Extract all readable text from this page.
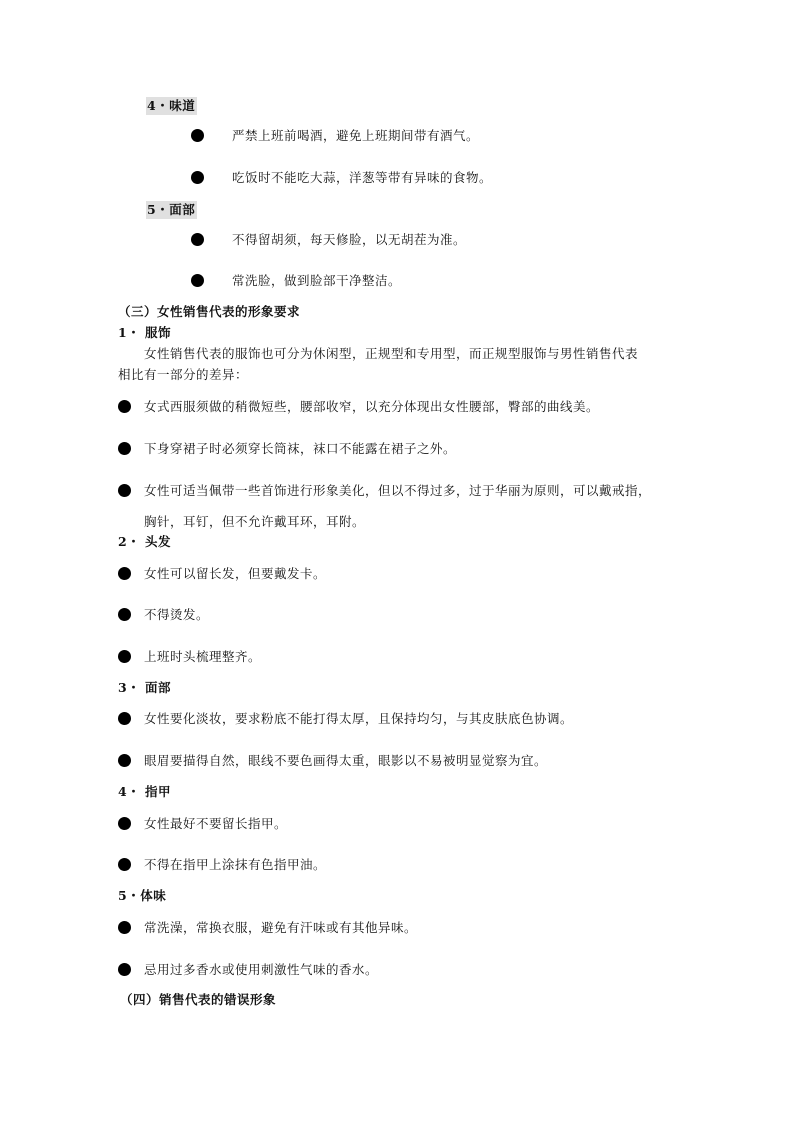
4・味道
严禁上班前喝酒，避免上班期间带有酒气。
吃饭时不能吃大蒜，洋葱等带有异味的食物。
5・面部
不得留胡须，每天修脸，以无胡茬为准。
常洗脸，做到脸部干净整洁。
（三）女性销售代表的形象要求
1・ 服饰
女性销售代表的服饰也可分为休闲型，正规型和专用型，而正规型服饰与男性销售代表
相比有一部分的差异：
女式西服须做的稍微短些，腰部收窄，以充分体现出女性腰部，臀部的曲线美。
下身穿裙子时必须穿长筒袜，袜口不能露在裙子之外。
女性可适当佩带一些首饰进行形象美化，但以不得过多，过于华丽为原则，可以戴戒指，
胸针，耳钉，但不允许戴耳环，耳附。
2・ 头发
女性可以留长发，但要戴发卡。
不得烫发。
上班时头梳理整齐。
3・ 面部
女性要化淡妆，要求粉底不能打得太厚，且保持均匀，与其皮肤底色协调。
眼眉要描得自然，眼线不要色画得太重，眼影以不易被明显觉察为宜。
4・ 指甲
女性最好不要留长指甲。
不得在指甲上涂抹有色指甲油。
5・体味
常洗澡，常换衣服，避免有汗味或有其他异味。
忌用过多香水或使用刺激性气味的香水。
（四）销售代表的错误形象
